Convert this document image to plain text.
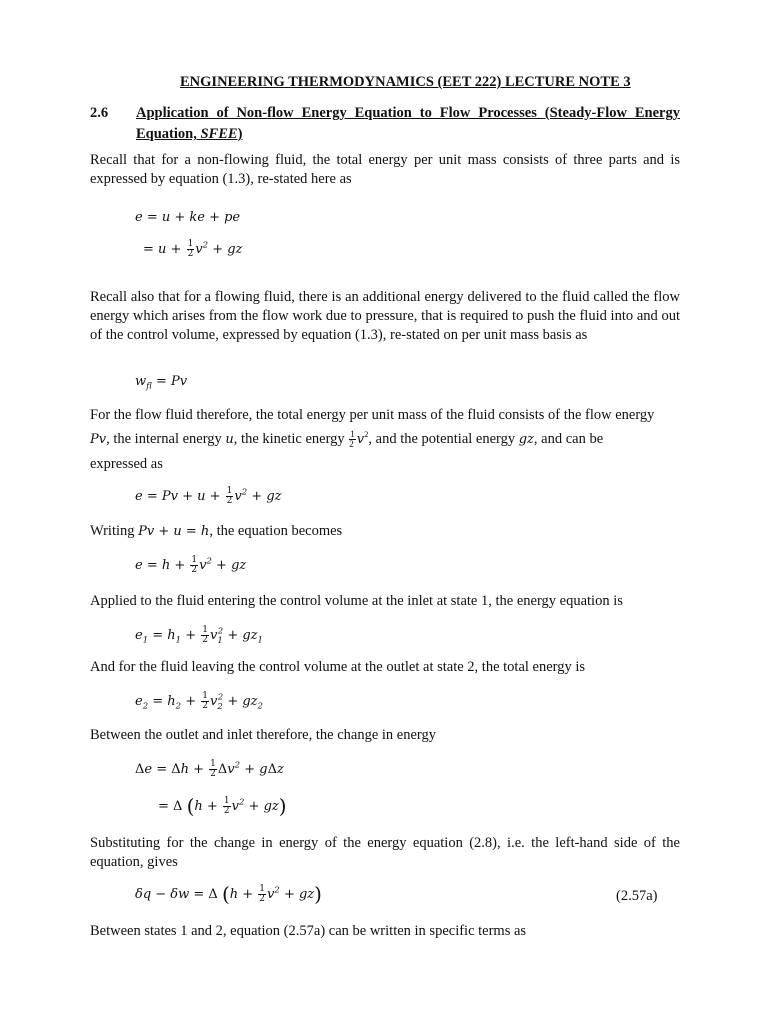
ENGINEERING THERMODYNAMICS (EET 222) LECTURE NOTE 3
2.6 Application of Non-flow Energy Equation to Flow Processes (Steady-Flow Energy Equation, SFEE)
Recall that for a non-flowing fluid, the total energy per unit mass consists of three parts and is expressed by equation (1.3), re-stated here as
e = u + ke + pe
= $u + \frac{1}{2} v^2$ + gz
Recall also that for a flowing fluid, there is an additional energy delivered to the fluid called the flow energy which arises from the flow work due to pressure, that is required to push the fluid into and out of the control volume, expressed by equation (1.3), re-stated on per unit mass basis as
$w_{fl} = Pv$
For the flow fluid therefore, the total energy per unit mass of the fluid consists of the flow energy
Pv, the internal energy u, the kinetic energy $\frac{1}{2} v^2$, and the potential energy gz, and can be
expressed as
$e = Pv + u + \frac{1}{2} v^2$ + gz
Writing Pv + u = h, the equation becomes
$e = h + \frac{1}{2} v^2$ + gz
Applied to the fluid entering the control volume at the inlet at state 1, the energy equation is
$e_1 = h_1 + \frac{1}{2} v_1^2 + gz_1$
And for the fluid leaving the control volume at the outlet at state 2, the total energy is
$e_2 = h_2 + \frac{1}{2} v_2^2 + gz_2$
Between the outlet and inlet therefore, the change in energy
$\Delta e = \Delta h + \frac{1}{2} \Delta v^2 + g\Delta z$
= Δ $(h + \frac{1}{2} v^2 + gz)$
Substituting for the change in energy of the energy equation (2.8), i.e. the left-hand side of the equation, gives
δq − δw = Δ $(h + \frac{1}{2} v^2 + gz)$	(2.57a)
Between states 1 and 2, equation (2.57a) can be written in specific terms as
